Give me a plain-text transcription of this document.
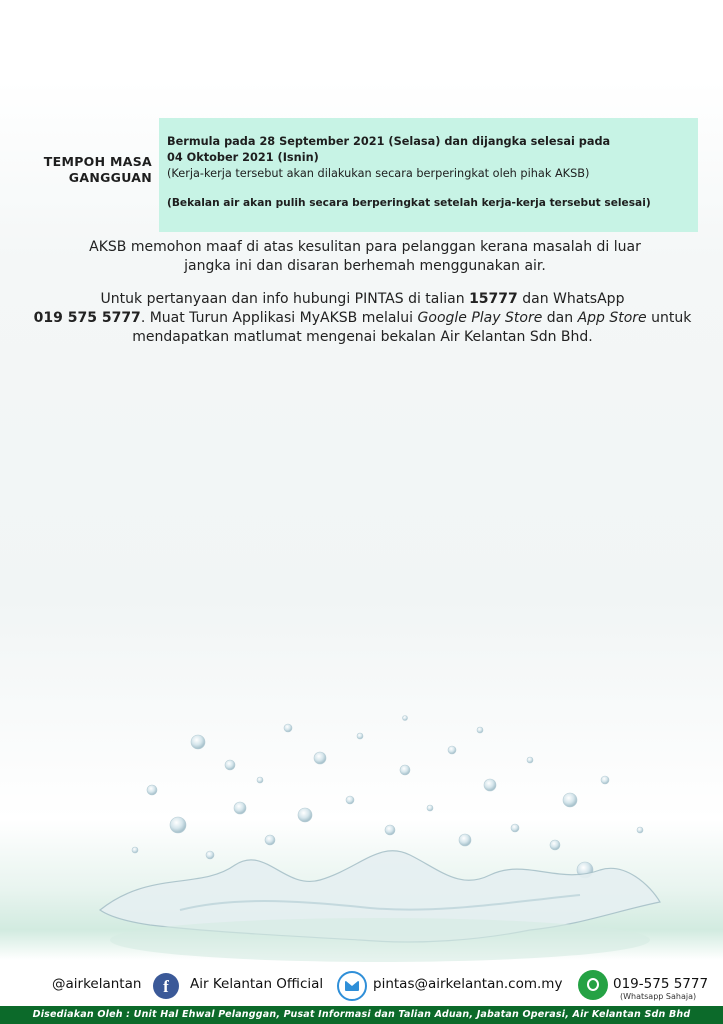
TEMPOH MASA
GANGGUAN
Bermula pada 28 September 2021 (Selasa) dan dijangka selesai pada
04 Oktober 2021 (Isnin)
(Kerja-kerja tersebut akan dilakukan secara berperingkat oleh pihak AKSB)
(Bekalan air akan pulih secara berperingkat setelah kerja-kerja tersebut selesai)
AKSB memohon maaf di atas kesulitan para pelanggan kerana masalah di luar
jangka ini dan disaran berhemah menggunakan air.
Untuk pertanyaan dan info hubungi PINTAS di talian 15777 dan WhatsApp
019 575 5777. Muat Turun Applikasi MyAKSB melalui Google Play Store dan App Store untuk mendapatkan matlumat mengenai bekalan Air Kelantan Sdn Bhd.
@airkelantan	Air Kelantan Official	pintas@airkelantan.com.my	019-575 5777
f
(Whatsapp Sahaja)
Disediakan Oleh : Unit Hal Ehwal Pelanggan, Pusat Informasi dan Talian Aduan, Jabatan Operasi, Air Kelantan Sdn Bhd
